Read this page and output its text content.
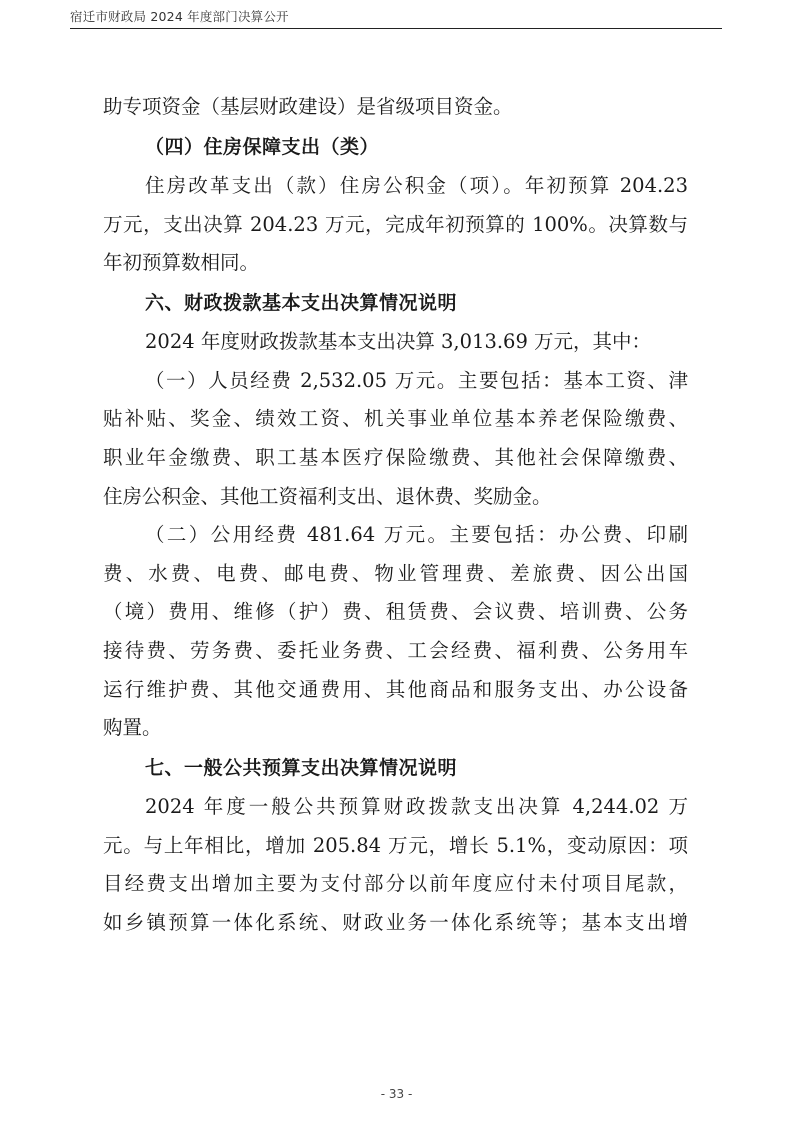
宿迁市财政局 2024 年度部门决算公开
助专项资金（基层财政建设）是省级项目资金。
（四）住房保障支出（类）
住房改革支出（款）住房公积金（项）。年初预算 204.23
万元，支出决算 204.23 万元，完成年初预算的 100%。决算数与
年初预算数相同。
六、财政拨款基本支出决算情况说明
2024 年度财政拨款基本支出决算 3,013.69 万元，其中：
（一）人员经费 2,532.05 万元。主要包括：基本工资、津
贴补贴、奖金、绩效工资、机关事业单位基本养老保险缴费、
职业年金缴费、职工基本医疗保险缴费、其他社会保障缴费、
住房公积金、其他工资福利支出、退休费、奖励金。
（二）公用经费 481.64 万元。主要包括：办公费、印刷
费、水费、电费、邮电费、物业管理费、差旅费、因公出国
（境）费用、维修（护）费、租赁费、会议费、培训费、公务
接待费、劳务费、委托业务费、工会经费、福利费、公务用车
运行维护费、其他交通费用、其他商品和服务支出、办公设备
购置。
七、一般公共预算支出决算情况说明
2024 年度一般公共预算财政拨款支出决算 4,244.02 万
元。与上年相比，增加 205.84 万元，增长 5.1%，变动原因：项
目经费支出增加主要为支付部分以前年度应付未付项目尾款，
如乡镇预算一体化系统、财政业务一体化系统等；基本支出增
- 33 -
